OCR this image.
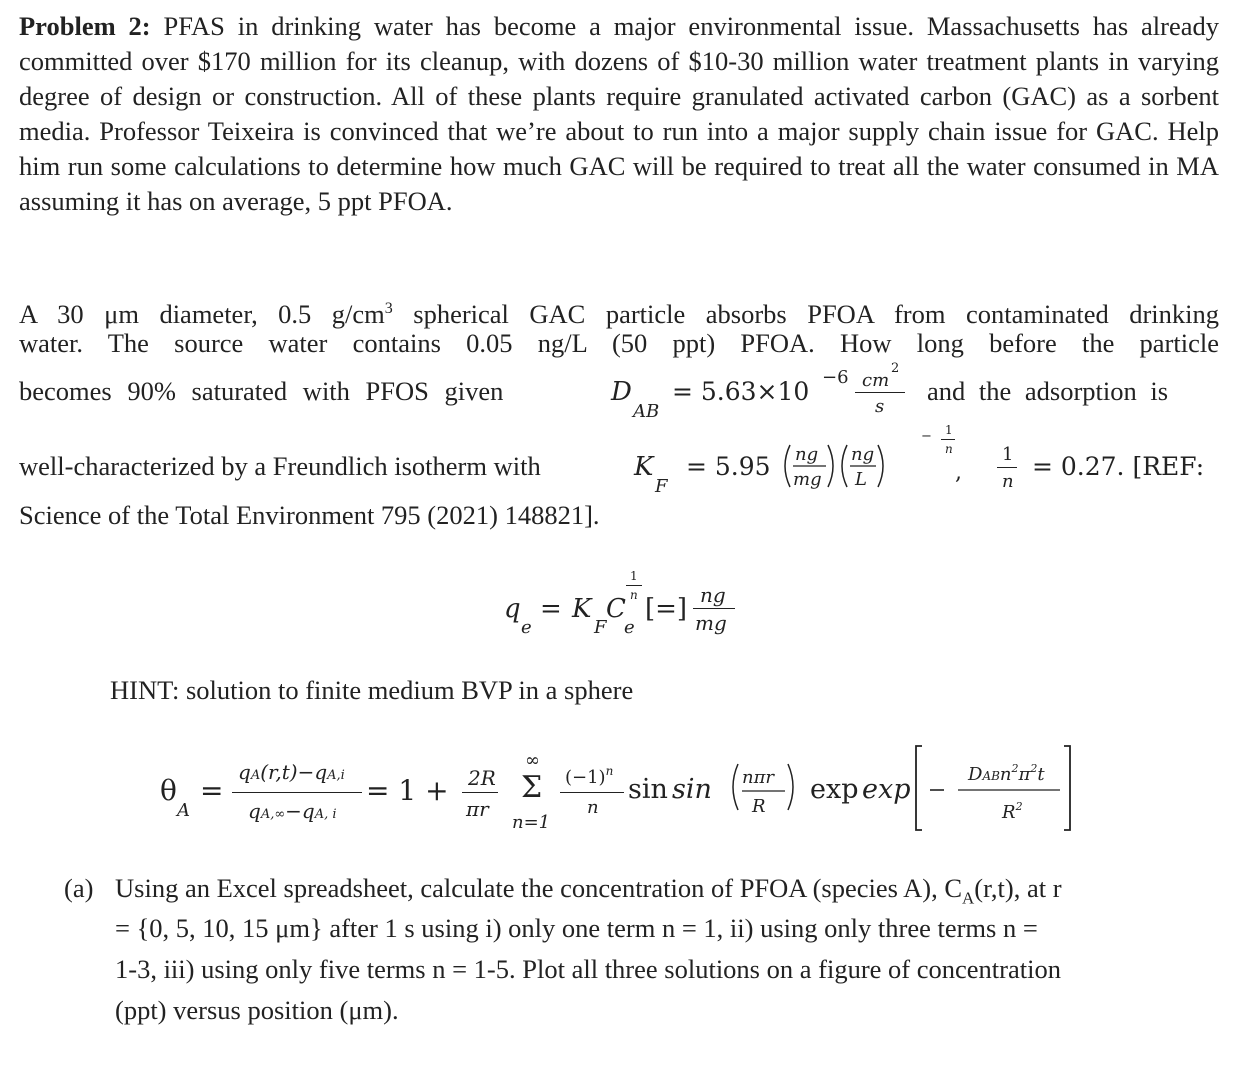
Problem 2: PFAS in drinking water has become a major environmental issue. Massachusetts has already committed over $170 million for its cleanup, with dozens of $10-30 million water treatment plants in varying degree of design or construction. All of these plants require granulated activated carbon (GAC) as a sorbent media. Professor Teixeira is convinced that we’re about to run into a major supply chain issue for GAC. Help him run some calculations to determine how much GAC will be required to treat all the water consumed in MA assuming it has on average, 5 ppt PFOA.
A 30 μm diameter, 0.5 $g/cm^3$ spherical GAC particle absorbs PFOA from contaminated drinking
water. The source water contains 0.05 ng/L (50 ppt) PFOA. How long before the particle
becomes 90% saturated with PFOS given	D
AB
= 5.63×10 −6 cm
2
s
and the adsorption is
well-characterized by a Freundlich isotherm with	K
F
= 5.95 ng
mg
ng
L
− 1
n
,
1
n
= 0.27. [REF:
Science of the Total Environment 795 (2021) 148821].
q
e
= K
F
C
e
1
n [=] ng
mg
HINT: solution to finite medium BVP in a sphere
θ
A
=
qA(r,t)−qA,i
qA,∞−qA, i
= 1 + 2R
πr
∞
Σ
n=1
$(-1)^n$
n
sin sin nπr
R
exp exp	$DABn^2\pi^2t$
$R^2$
(a) Using an Excel spreadsheet, calculate the concentration of PFOA (species A), $C_A(r,t)$, at r
= {0, 5, 10, 15 μm} after 1 s using i) only one term n = 1, ii) using only three terms n =
1-3, iii) using only five terms n = 1-5. Plot all three solutions on a figure of concentration
(ppt) versus position (μm).
